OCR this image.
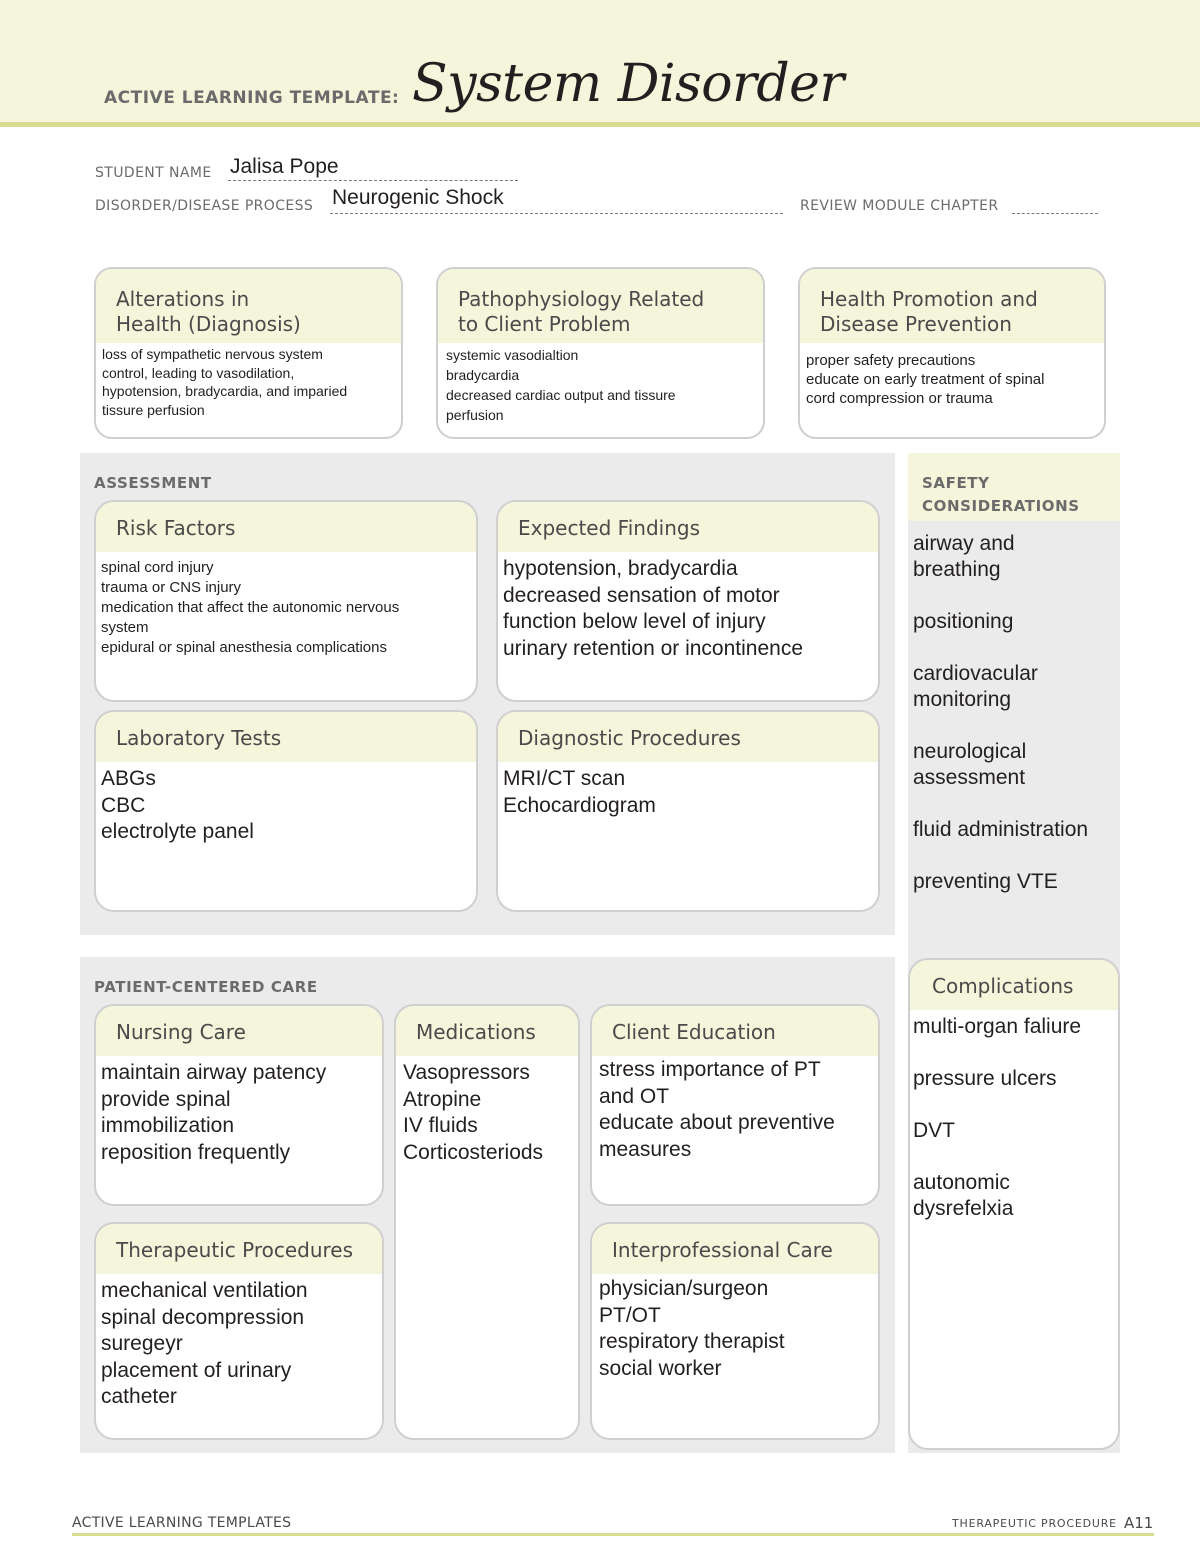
ACTIVE LEARNING TEMPLATE: System Disorder
STUDENT NAME Jalisa Pope
DISORDER/DISEASE PROCESS Neurogenic Shock	REVIEW MODULE CHAPTER
Alterations in
Health (Diagnosis)
loss of sympathetic nervous system
control, leading to vasodilation,
hypotension, bradycardia, and imparied
tissure perfusion
Pathophysiology Related
to Client Problem
systemic vasodialtion
bradycardia
decreased cardiac output and tissure
perfusion
Health Promotion and
Disease Prevention
proper safety precautions
educate on early treatment of spinal
cord compression or trauma
ASSESSMENT
Risk Factors
spinal cord injury
trauma or CNS injury
medication that affect the autonomic nervous
system
epidural or spinal anesthesia complications
Expected Findings
hypotension, bradycardia
decreased sensation of motor
function below level of injury
urinary retention or incontinence
Laboratory Tests
ABGs
CBC
electrolyte panel
Diagnostic Procedures
MRI/CT scan
Echocardiogram
SAFETY
CONSIDERATIONS
airway and
breathing

positioning

cardiovacular
monitoring

neurological
assessment

fluid administration

preventing VTE
Complications
multi-organ faliure

pressure ulcers

DVT

autonomic
dysrefelxia
PATIENT-CENTERED CARE
Nursing Care
maintain airway patency
provide spinal
immobilization
reposition frequently
Medications
Vasopressors
Atropine
IV fluids
Corticosteriods
Client Education
stress importance of PT
and OT
educate about preventive
measures
Therapeutic Procedures
mechanical ventilation
spinal decompression
suregeyr
placement of urinary
catheter
Interprofessional Care
physician/surgeon
PT/OT
respiratory therapist
social worker
ACTIVE LEARNING TEMPLATES	THERAPEUTIC PROCEDURE A11
